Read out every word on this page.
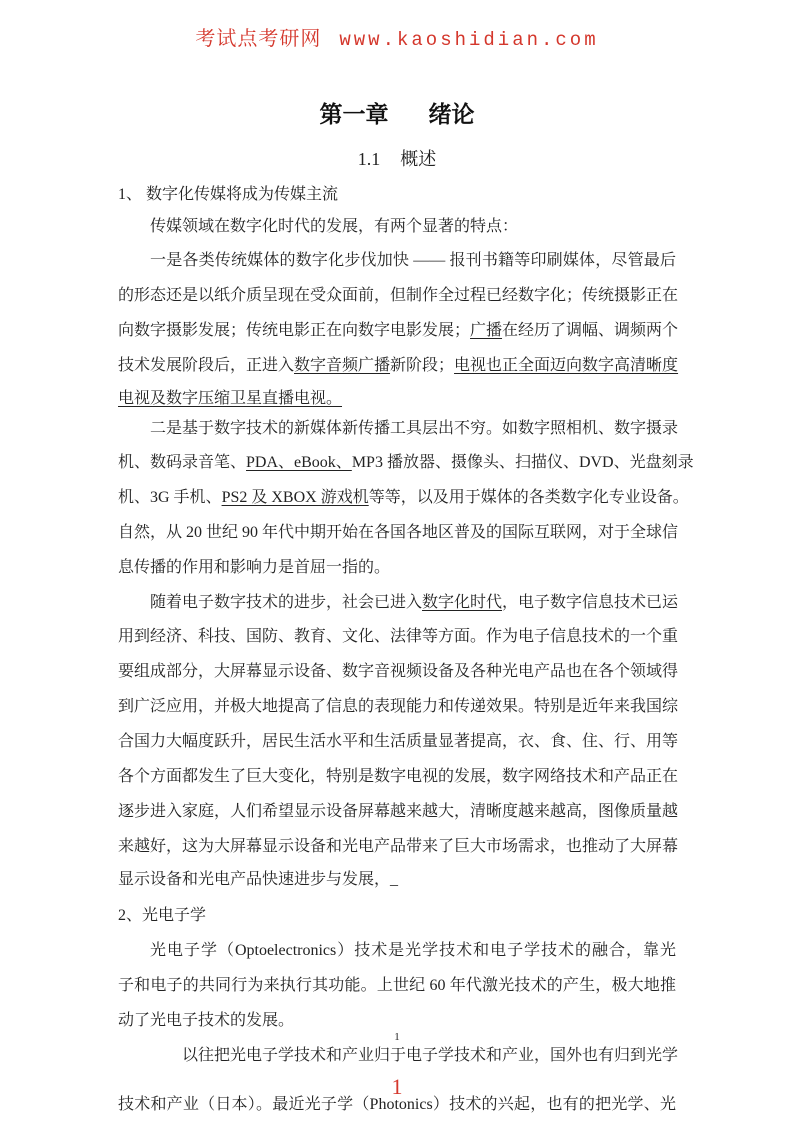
考试点考研网 www.kaoshidian.com
第一章 绪论
1.1 概述
1、 数字化传媒将成为传媒主流
传媒领域在数字化时代的发展，有两个显著的特点：
一是各类传统媒体的数字化步伐加快 —— 报刊书籍等印刷媒体，尽管最后
的形态还是以纸介质呈现在受众面前，但制作全过程已经数字化；传统摄影正在
向数字摄影发展；传统电影正在向数字电影发展；广播在经历了调幅、调频两个
技术发展阶段后，正进入数字音频广播新阶段；电视也正全面迈向数字高清晰度
电视及数字压缩卫星直播电视。
二是基于数字技术的新媒体新传播工具层出不穷。如数字照相机、数字摄录
机、数码录音笔、PDA、eBook、MP3 播放器、摄像头、扫描仪、DVD、光盘刻录
机、3G 手机、PS2 及 XBOX 游戏机等等，以及用于媒体的各类数字化专业设备。
自然，从 20 世纪 90 年代中期开始在各国各地区普及的国际互联网，对于全球信
息传播的作用和影响力是首屈一指的。
随着电子数字技术的进步，社会已进入数字化时代，电子数字信息技术已运
用到经济、科技、国防、教育、文化、法律等方面。作为电子信息技术的一个重
要组成部分，大屏幕显示设备、数字音视频设备及各种光电产品也在各个领域得
到广泛应用，并极大地提高了信息的表现能力和传递效果。特别是近年来我国综
合国力大幅度跃升，居民生活水平和生活质量显著提高，衣、食、住、行、用等
各个方面都发生了巨大变化，特别是数字电视的发展，数字网络技术和产品正在
逐步进入家庭，人们希望显示设备屏幕越来越大，清晰度越来越高，图像质量越
来越好，这为大屏幕显示设备和光电产品带来了巨大市场需求，也推动了大屏幕
显示设备和光电产品快速进步与发展，_
2、光电子学
光电子学（Optoelectronics）技术是光学技术和电子学技术的融合，靠光
子和电子的共同行为来执行其功能。上世纪 60 年代激光技术的产生，极大地推
动了光电子技术的发展。
以往把光电子学技术和产业归于电子学技术和产业，国外也有归到光学
技术和产业（日本）。最近光子学（Photonics）技术的兴起，也有的把光学、光
1
1
